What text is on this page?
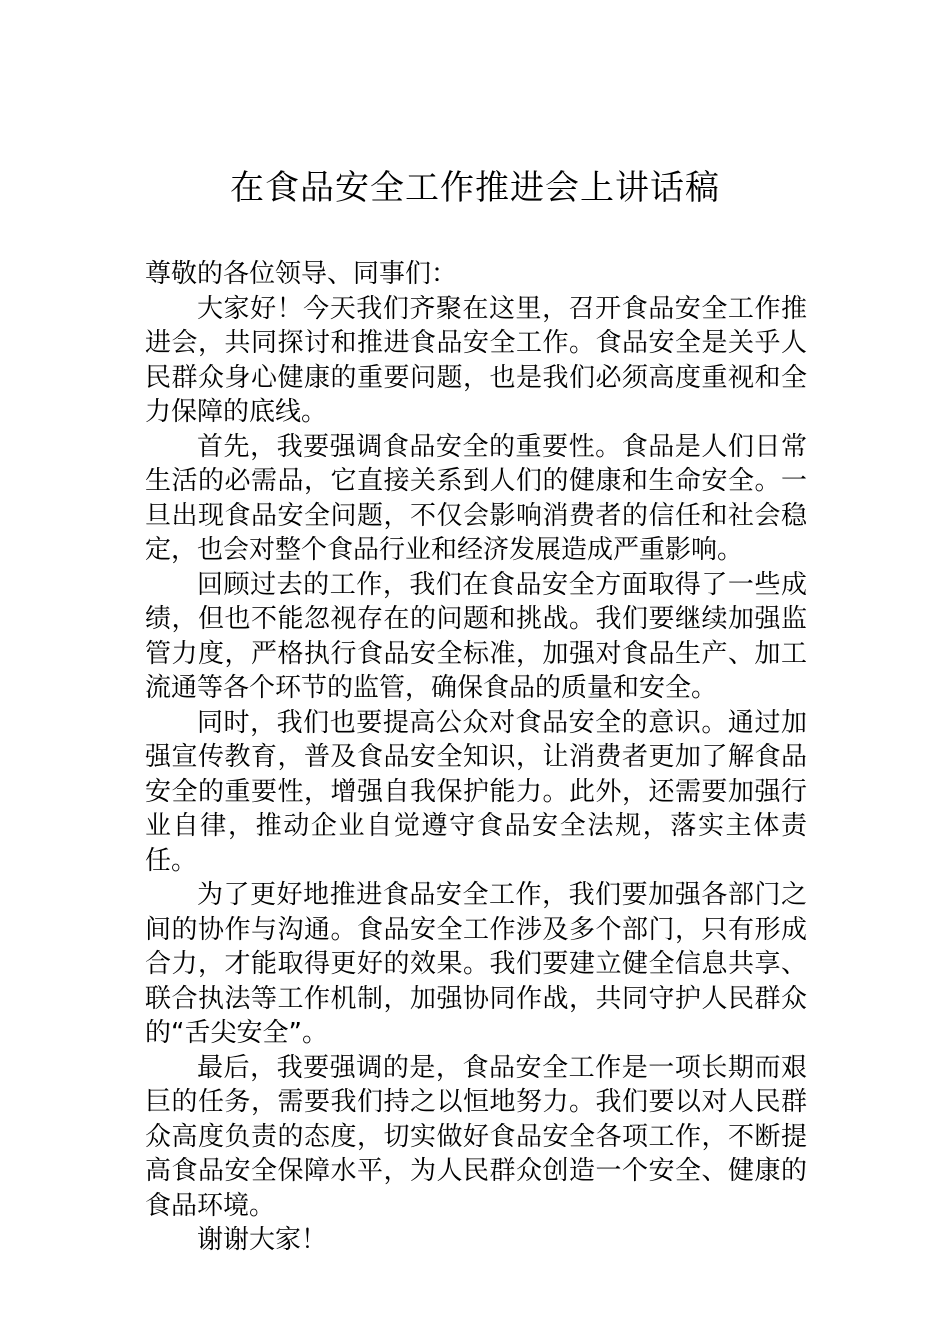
在食品安全工作推进会上讲话稿

尊敬的各位领导、同事们：

大家好！今天我们齐聚在这里，召开食品安全工作推进会，共同探讨和推进食品安全工作。食品安全是关乎人民群众身心健康的重要问题，也是我们必须高度重视和全力保障的底线。

首先，我要强调食品安全的重要性。食品是人们日常生活的必需品，它直接关系到人们的健康和生命安全。一旦出现食品安全问题，不仅会影响消费者的信任和社会稳定，也会对整个食品行业和经济发展造成严重影响。

回顾过去的工作，我们在食品安全方面取得了一些成绩，但也不能忽视存在的问题和挑战。我们要继续加强监管力度，严格执行食品安全标准，加强对食品生产、加工流通等各个环节的监管，确保食品的质量和安全。

同时，我们也要提高公众对食品安全的意识。通过加强宣传教育，普及食品安全知识，让消费者更加了解食品安全的重要性，增强自我保护能力。此外，还需要加强行业自律，推动企业自觉遵守食品安全法规，落实主体责任。

为了更好地推进食品安全工作，我们要加强各部门之间的协作与沟通。食品安全工作涉及多个部门，只有形成合力，才能取得更好的效果。我们要建立健全信息共享、联合执法等工作机制，加强协同作战，共同守护人民群众的“舌尖安全”。

最后，我要强调的是，食品安全工作是一项长期而艰巨的任务，需要我们持之以恒地努力。我们要以对人民群众高度负责的态度，切实做好食品安全各项工作，不断提高食品安全保障水平，为人民群众创造一个安全、健康的食品环境。

谢谢大家！
